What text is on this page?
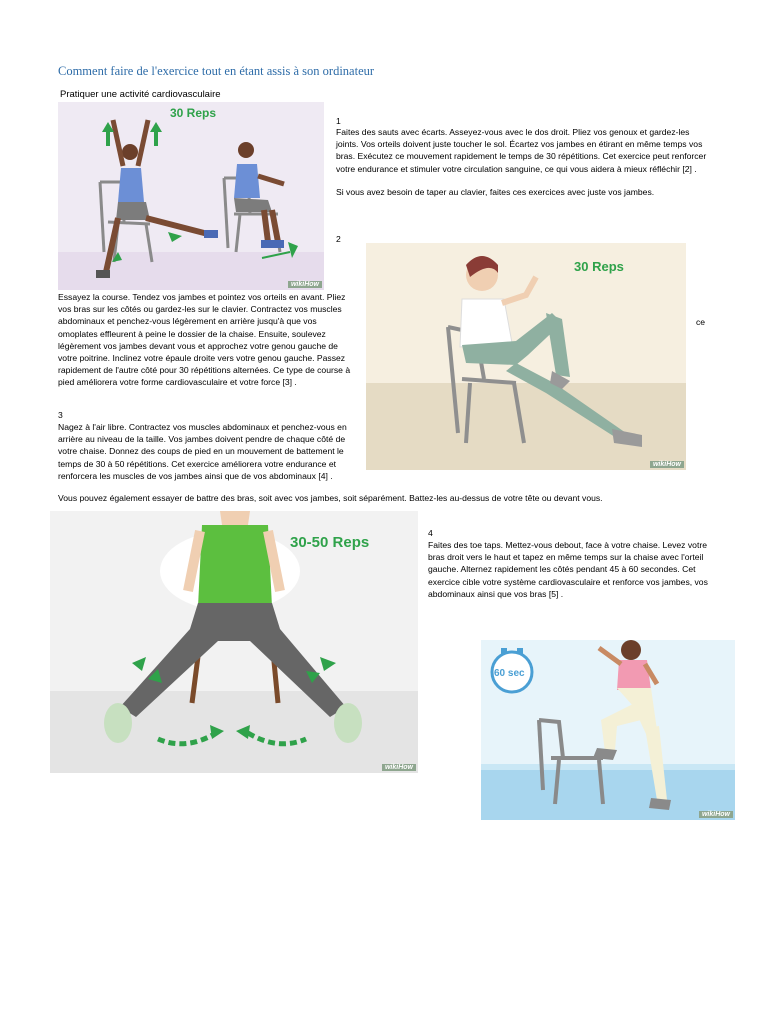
Comment faire de l'exercice tout en étant assis à son ordinateur
Pratiquer une activité cardiovasculaire
30 Reps
wikiHow
1
Faites des sauts avec écarts. Asseyez-vous avec le dos droit. Pliez vos genoux et gardez-les joints. Vos orteils doivent juste toucher le sol. Écartez vos jambes en étirant en même temps vos bras. Exécutez ce mouvement rapidement le temps de 30 répétitions. Cet exercice peut renforcer votre endurance et stimuler votre circulation sanguine, ce qui vous aidera à mieux réfléchir [2] .
Si vous avez besoin de taper au clavier, faites ces exercices avec juste vos jambes.
2
30 Reps
wikiHow
ce
Essayez la course. Tendez vos jambes et pointez vos orteils en avant. Pliez vos bras sur les côtés ou gardez-les sur le clavier. Contractez vos muscles abdominaux et penchez-vous légèrement en arrière jusqu'à que vos omoplates effleurent à peine le dossier de la chaise. Ensuite, soulevez légèrement vos jambes devant vous et approchez votre genou gauche de votre poitrine. Inclinez votre épaule droite vers votre genou gauche. Passez rapidement de l'autre côté pour 30 répétitions alternées. Ce type de course à pied améliorera votre forme cardiovasculaire et votre force [3] .
3
Nagez à l'air libre. Contractez vos muscles abdominaux et penchez-vous en arrière au niveau de la taille. Vos jambes doivent pendre de chaque côté de votre chaise. Donnez des coups de pied en un mouvement de battement le temps de 30 à 50 répétitions. Cet exercice améliorera votre endurance et renforcera les muscles de vos jambes ainsi que de vos abdominaux [4] .
Vous pouvez également essayer de battre des bras, soit avec vos jambes, soit séparément. Battez-les au-dessus de votre tête ou devant vous.
30-50 Reps
wikiHow
4
Faites des toe taps. Mettez-vous debout, face à votre chaise. Levez votre bras droit vers le haut et tapez en même temps sur la chaise avec l'orteil gauche. Alternez rapidement les côtés pendant 45 à 60 secondes. Cet exercice cible votre système cardiovasculaire et renforce vos jambes, vos abdominaux ainsi que vos bras [5] .
60 sec
wikiHow
